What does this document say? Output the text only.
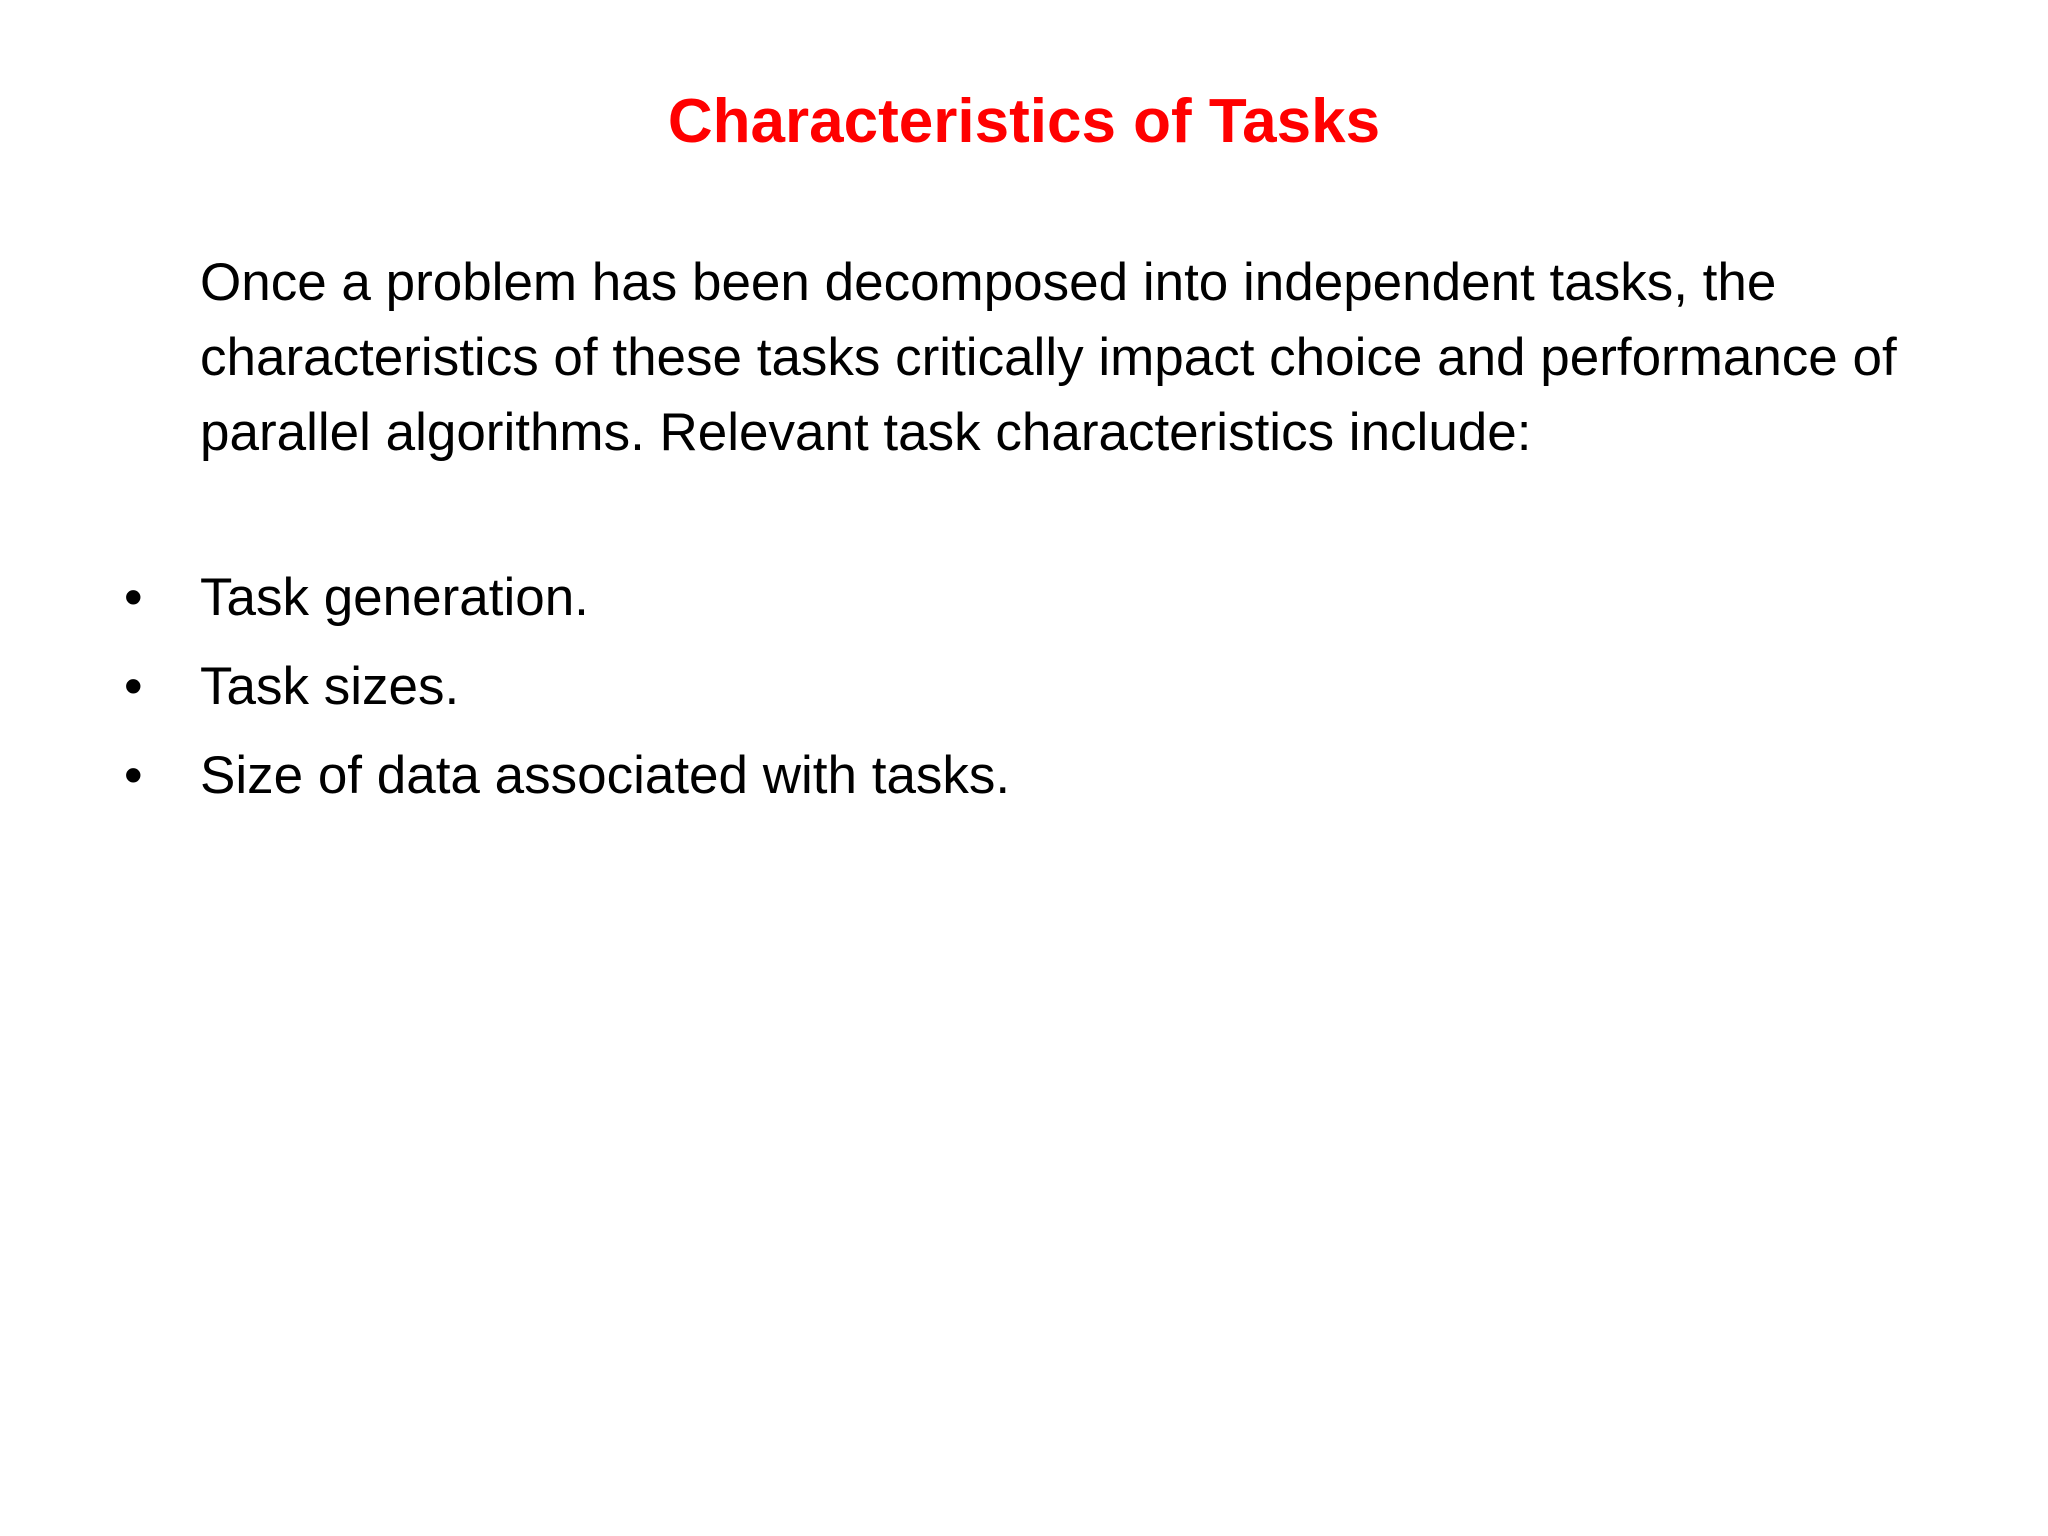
Characteristics of Tasks

Once a problem has been decomposed into independent tasks, the characteristics of these tasks critically impact choice and performance of parallel algorithms. Relevant task characteristics include:

• Task generation.
• Task sizes.
• Size of data associated with tasks.
